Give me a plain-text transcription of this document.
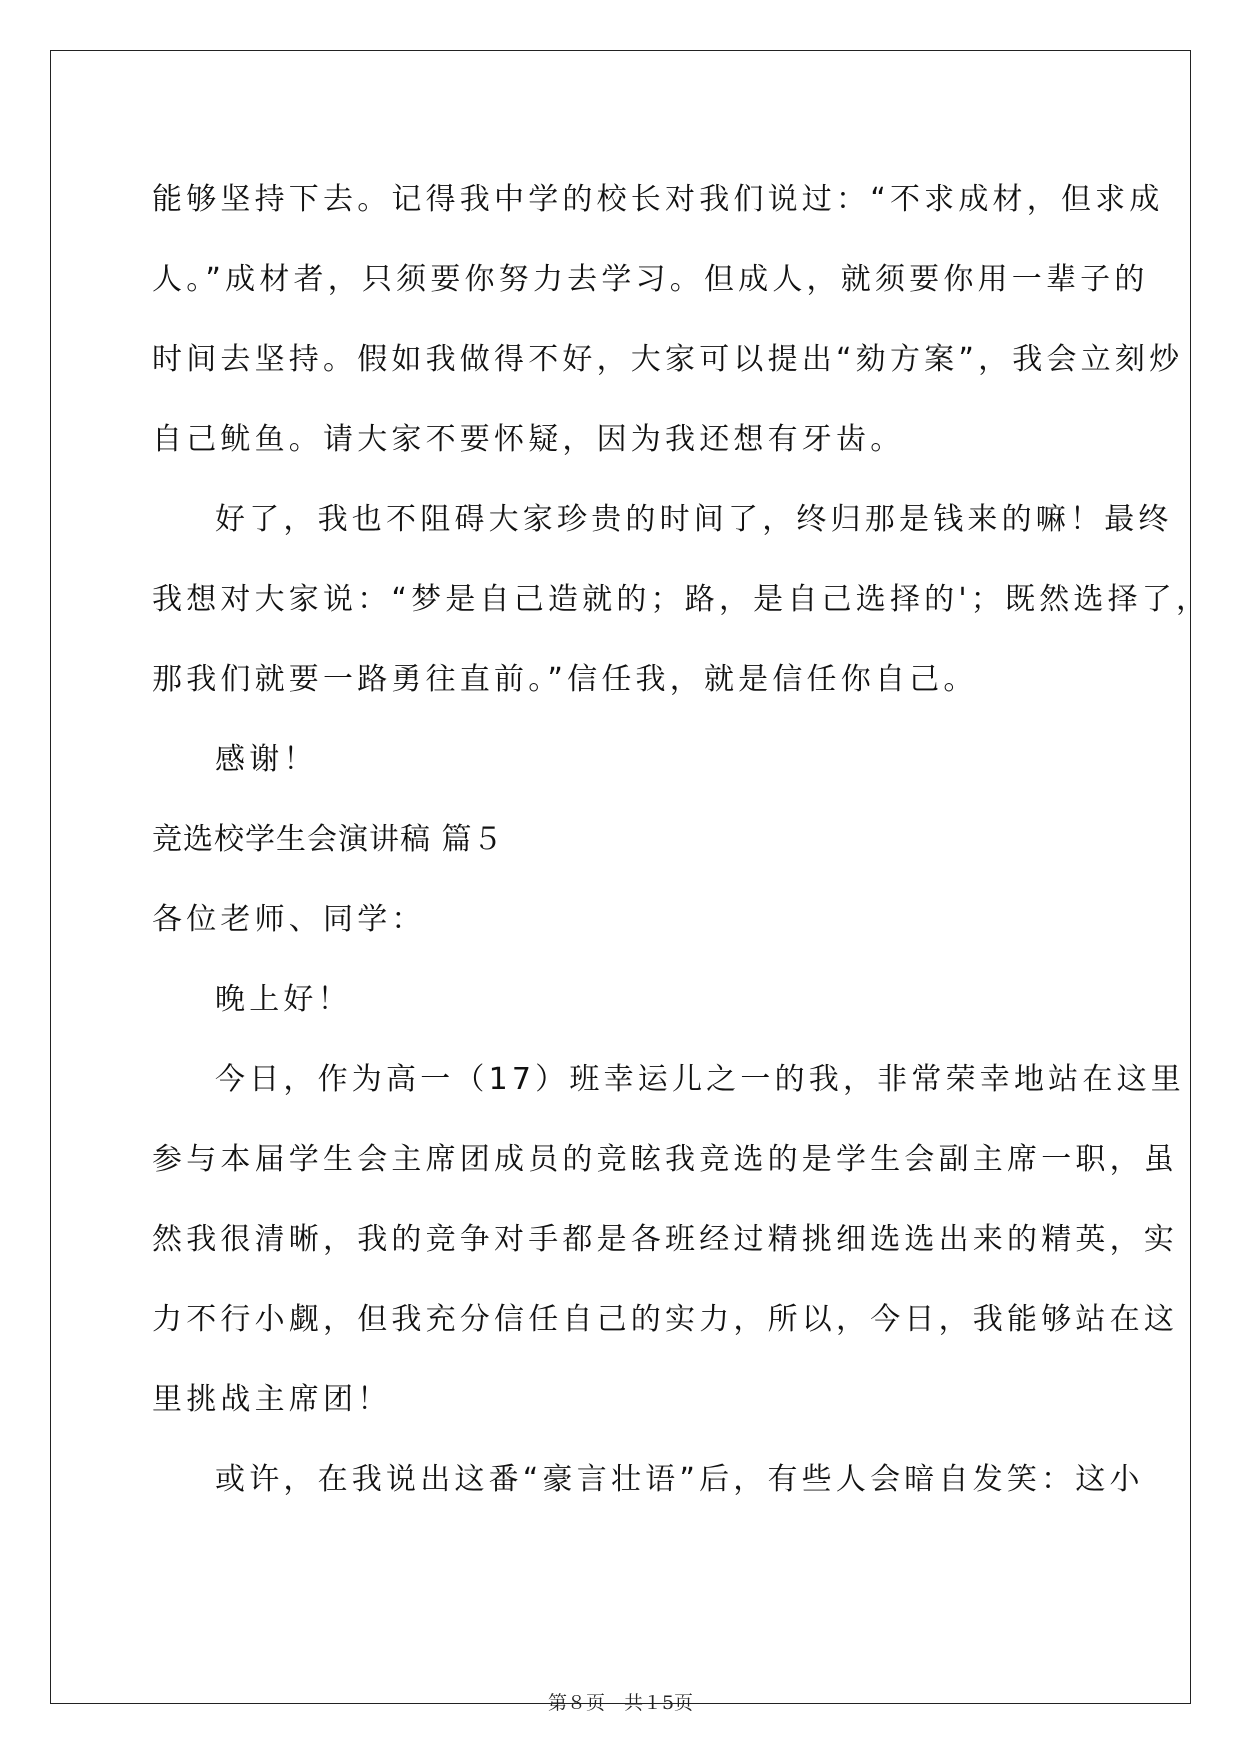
能够坚持下去。记得我中学的校长对我们说过：“不求成材，但求成
人。”成材者，只须要你努力去学习。但成人，就须要你用一辈子的
时间去坚持。假如我做得不好，大家可以提出“劾方案”，我会立刻炒
自己鱿鱼。请大家不要怀疑，因为我还想有牙齿。
好了，我也不阻碍大家珍贵的时间了，终归那是钱来的嘛！最终
我想对大家说：“梦是自己造就的；路，是自己选择的'；既然选择了，
那我们就要一路勇往直前。”信任我，就是信任你自己。
感谢！
竞选校学生会演讲稿 篇５
各位老师、同学：
晚上好！
今日，作为高一（17）班幸运儿之一的我，非常荣幸地站在这里
参与本届学生会主席团成员的竞眩我竞选的是学生会副主席一职，虽
然我很清晰，我的竞争对手都是各班经过精挑细选选出来的精英，实
力不行小觑，但我充分信任自己的实力，所以，今日，我能够站在这
里挑战主席团！
或许，在我说出这番“豪言壮语”后，有些人会暗自发笑：这小
第８页　共１5页
